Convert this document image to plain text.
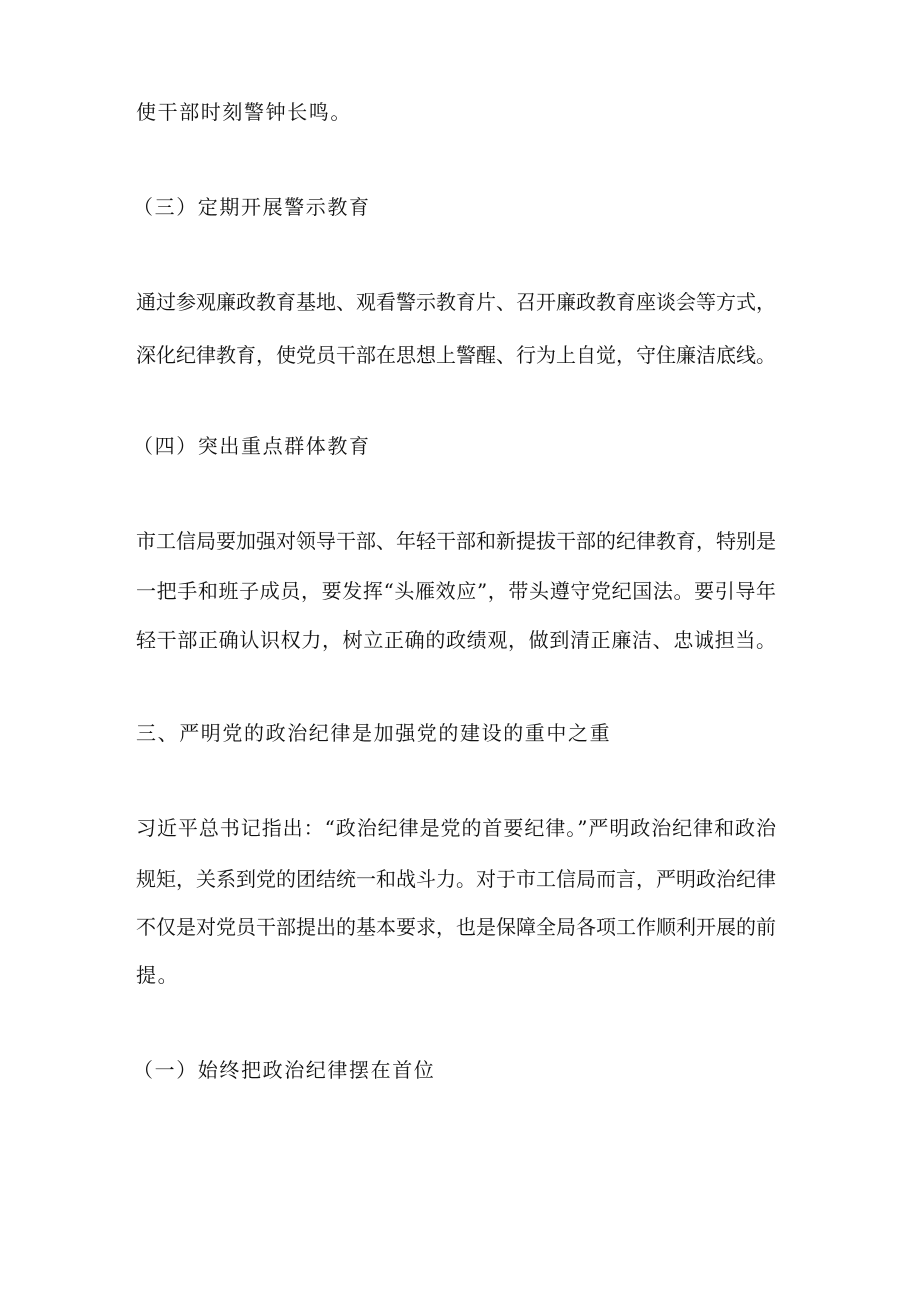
使干部时刻警钟长鸣。
（三）定期开展警示教育
通过参观廉政教育基地、观看警示教育片、召开廉政教育座谈会等方式，
深化纪律教育，使党员干部在思想上警醒、行为上自觉，守住廉洁底线。
（四）突出重点群体教育
市工信局要加强对领导干部、年轻干部和新提拔干部的纪律教育，特别是
一把手和班子成员，要发挥“头雁效应”，带头遵守党纪国法。要引导年
轻干部正确认识权力，树立正确的政绩观，做到清正廉洁、忠诚担当。
三、严明党的政治纪律是加强党的建设的重中之重
习近平总书记指出：“政治纪律是党的首要纪律。”严明政治纪律和政治
规矩，关系到党的团结统一和战斗力。对于市工信局而言，严明政治纪律
不仅是对党员干部提出的基本要求，也是保障全局各项工作顺利开展的前
提。
（一）始终把政治纪律摆在首位
